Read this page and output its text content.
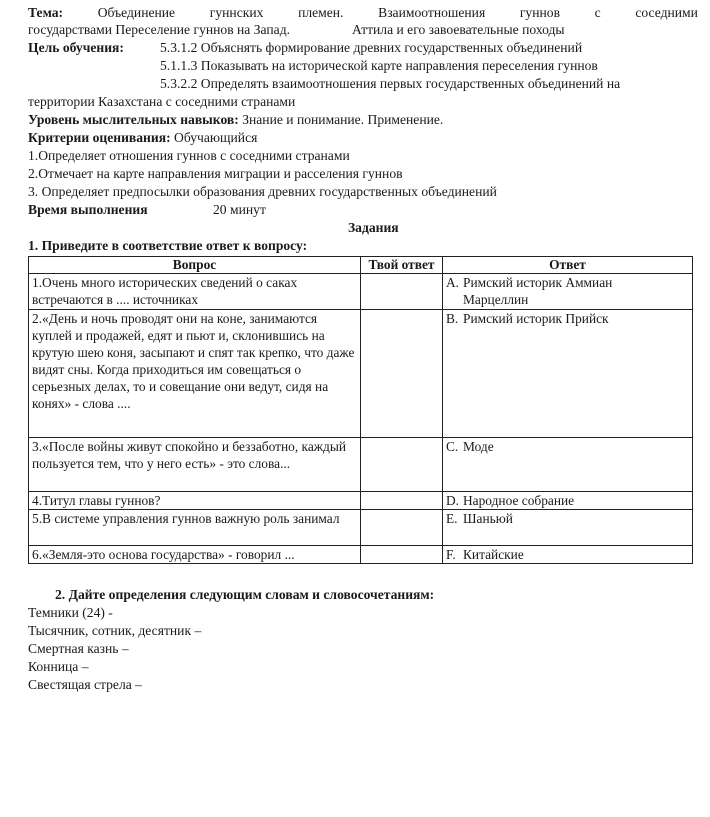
Тема:	Объединение	гуннских	племен.	Взаимоотношения	гуннов	с	соседними
государствами Переселение гуннов на Запад.	Аттила и его завоевательные походы
Цель обучения:	5.3.1.2 Объяснять формирование древних государственных объединений
5.1.1.3 Показывать на исторической карте направления переселения гуннов
5.3.2.2 Определять взаимоотношения первых государственных объединений на
территории Казахстана с соседними странами
Уровень мыслительных навыков: Знание и понимание. Применение.
Критерии оценивания: Обучающийся
1.Определяет отношения гуннов с соседними странами
2.Отмечает на карте направления миграции и расселения гуннов
3. Определяет предпосылки образования древних государственных объединений
Время выполнения	20 минут
Задания
1. Приведите в соответствие ответ к вопросу:
Вопрос	Твой ответ	Ответ
1.Очень много исторических сведений о саках встречаются в .... источниках		A. Римский историк Аммиан Марцеллин
2.«День и ночь проводят они на коне, занимаются куплей и продажей, едят и пьют и, склонившись на крутую шею коня, засыпают и спят так крепко, что даже видят сны. Когда приходиться им совещаться о серьезных делах, то и совещание они ведут, сидя на конях» - слова ....		B. Римский историк Прийск
3.«После войны живут спокойно и беззаботно, каждый пользуется тем, что у него есть» - это слова...		C. Моде
4.Титул главы гуннов?		D. Народное собрание
5.В системе управления гуннов важную роль занимал		E. Шаньюй
6.«Земля-это основа государства» - говорил ...		F. Китайские
2. Дайте определения следующим словам и словосочетаниям:
Темники (24) -
Тысячник, сотник, десятник –
Смертная казнь –
Конница –
Свестящая стрела –
